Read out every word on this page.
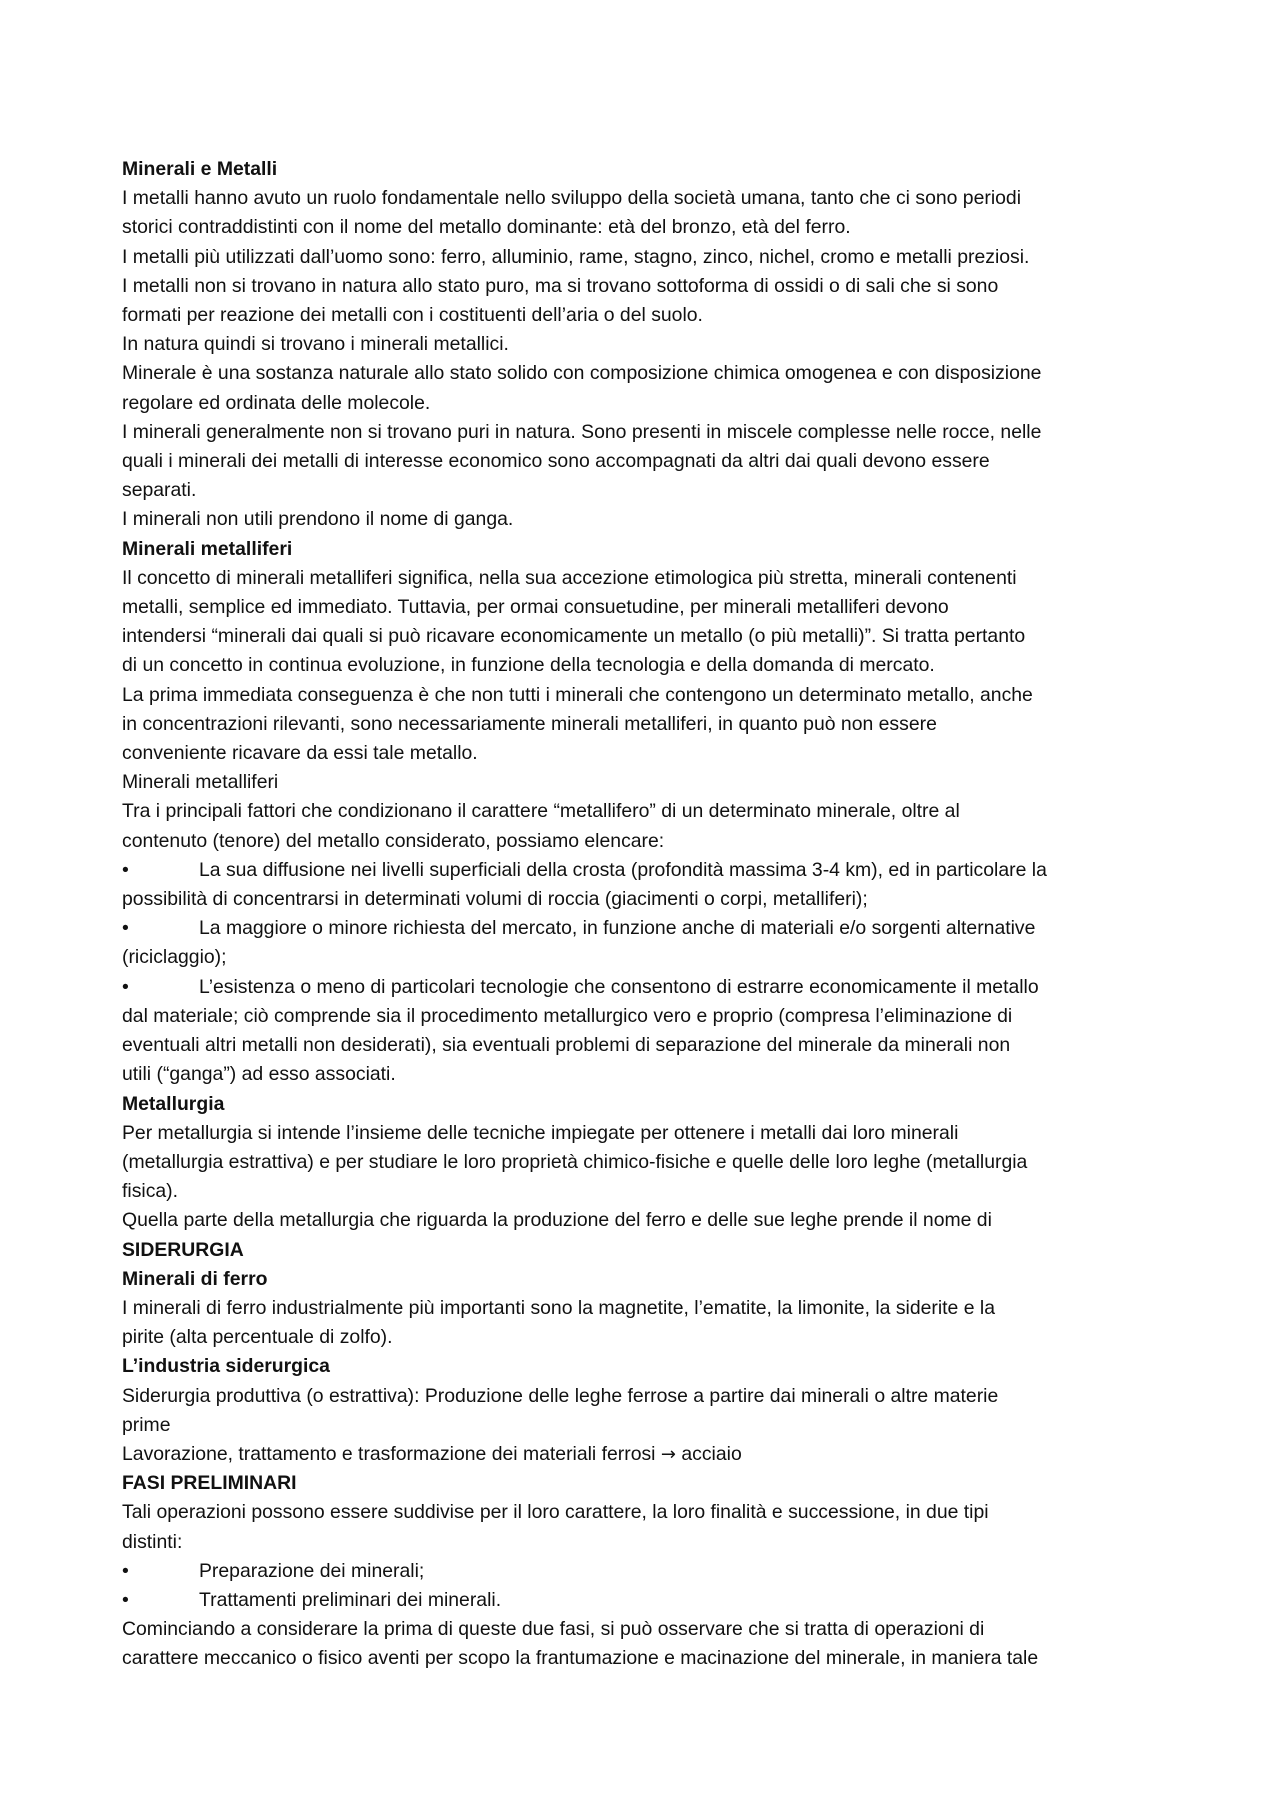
Minerali e Metalli
I metalli hanno avuto un ruolo fondamentale nello sviluppo della società umana, tanto che ci sono periodi
storici contraddistinti con il nome del metallo dominante: età del bronzo, età del ferro.
I metalli più utilizzati dall’uomo sono: ferro, alluminio, rame, stagno, zinco, nichel, cromo e metalli preziosi.
I metalli non si trovano in natura allo stato puro, ma si trovano sottoforma di ossidi o di sali che si sono
formati per reazione dei metalli con i costituenti dell’aria o del suolo.
In natura quindi si trovano i minerali metallici.
Minerale è una sostanza naturale allo stato solido con composizione chimica omogenea e con disposizione
regolare ed ordinata delle molecole.
I minerali generalmente non si trovano puri in natura. Sono presenti in miscele complesse nelle rocce, nelle
quali i minerali dei metalli di interesse economico sono accompagnati da altri dai quali devono essere
separati.
I minerali non utili prendono il nome di ganga.
Minerali metalliferi
Il concetto di minerali metalliferi significa, nella sua accezione etimologica più stretta, minerali contenenti
metalli, semplice ed immediato. Tuttavia, per ormai consuetudine, per minerali metalliferi devono
intendersi “minerali dai quali si può ricavare economicamente un metallo (o più metalli)”. Si tratta pertanto
di un concetto in continua evoluzione, in funzione della tecnologia e della domanda di mercato.
La prima immediata conseguenza è che non tutti i minerali che contengono un determinato metallo, anche
in concentrazioni rilevanti, sono necessariamente minerali metalliferi, in quanto può non essere
conveniente ricavare da essi tale metallo.
Minerali metalliferi
Tra i principali fattori che condizionano il carattere “metallifero” di un determinato minerale, oltre al
contenuto (tenore) del metallo considerato, possiamo elencare:
•	La sua diffusione nei livelli superficiali della crosta (profondità massima 3-4 km), ed in particolare la
possibilità di concentrarsi in determinati volumi di roccia (giacimenti o corpi, metalliferi);
•	La maggiore o minore richiesta del mercato, in funzione anche di materiali e/o sorgenti alternative
(riciclaggio);
•	L’esistenza o meno di particolari tecnologie che consentono di estrarre economicamente il metallo
dal materiale; ciò comprende sia il procedimento metallurgico vero e proprio (compresa l’eliminazione di
eventuali altri metalli non desiderati), sia eventuali problemi di separazione del minerale da minerali non
utili (“ganga”) ad esso associati.
Metallurgia
Per metallurgia si intende l’insieme delle tecniche impiegate per ottenere i metalli dai loro minerali
(metallurgia estrattiva) e per studiare le loro proprietà chimico-fisiche e quelle delle loro leghe (metallurgia
fisica).
Quella parte della metallurgia che riguarda la produzione del ferro e delle sue leghe prende il nome di
SIDERURGIA
Minerali di ferro
I minerali di ferro industrialmente più importanti sono la magnetite, l’ematite, la limonite, la siderite e la
pirite (alta percentuale di zolfo).
L’industria siderurgica
Siderurgia produttiva (o estrattiva): Produzione delle leghe ferrose a partire dai minerali o altre materie
prime
Lavorazione, trattamento e trasformazione dei materiali ferrosi → acciaio
FASI PRELIMINARI
Tali operazioni possono essere suddivise per il loro carattere, la loro finalità e successione, in due tipi
distinti:
•	Preparazione dei minerali;
•	Trattamenti preliminari dei minerali.
Cominciando a considerare la prima di queste due fasi, si può osservare che si tratta di operazioni di
carattere meccanico o fisico aventi per scopo la frantumazione e macinazione del minerale, in maniera tale
